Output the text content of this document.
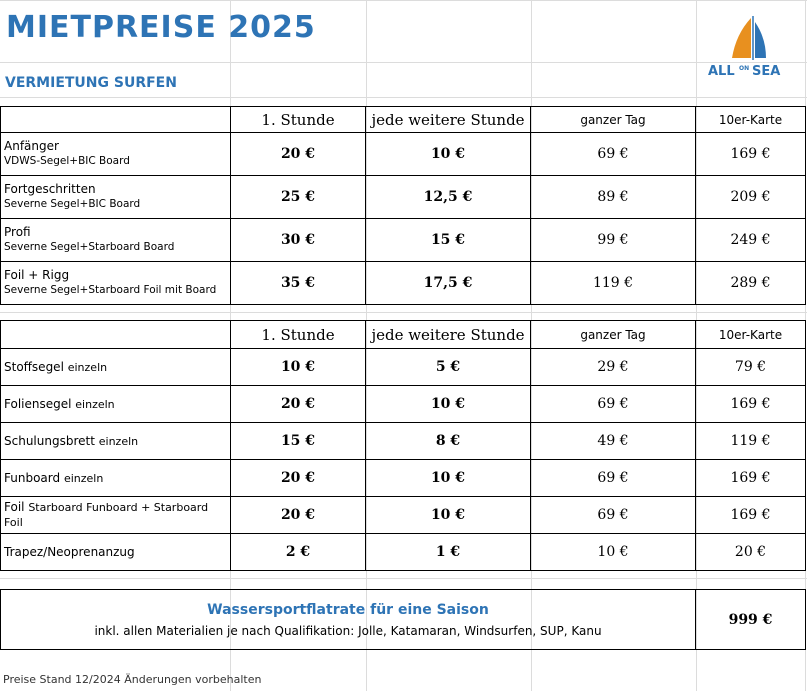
MIETPREISE 2025
VERMIETUNG SURFEN
ALL ON SEA
	1. Stunde	jede weitere Stunde	ganzer Tag	10er-Karte

Anfänger
VDWS-Segel+BIC Board	20 €	10 €	69 €	169 €

Fortgeschritten
Severne Segel+BIC Board	25 €	12,5 €	89 €	209 €

Profi
Severne Segel+Starboard Board	30 €	15 €	99 €	249 €

Foil + Rigg
Severne Segel+Starboard Foil mit Board	35 €	17,5 €	119 €	289 €
	1. Stunde	jede weitere Stunde	ganzer Tag	10er-Karte
Stoffsegel einzeln	10 €	5 €	29 €	79 €
Foliensegel einzeln	20 €	10 €	69 €	169 €
Schulungsbrett einzeln	15 €	8 €	49 €	119 €
Funboard einzeln	20 €	10 €	69 €	169 €
Foil Starboard Funboard + Starboard Foil	20 €	10 €	69 €	169 €
Trapez/Neoprenanzug	2 €	1 €	10 €	20 €
Wassersportflatrate für eine Saison
inkl. allen Materialien je nach Qualifikation: Jolle, Katamaran, Windsurfen, SUP, Kanu
	999 €
Preise Stand 12/2024 Änderungen vorbehalten
